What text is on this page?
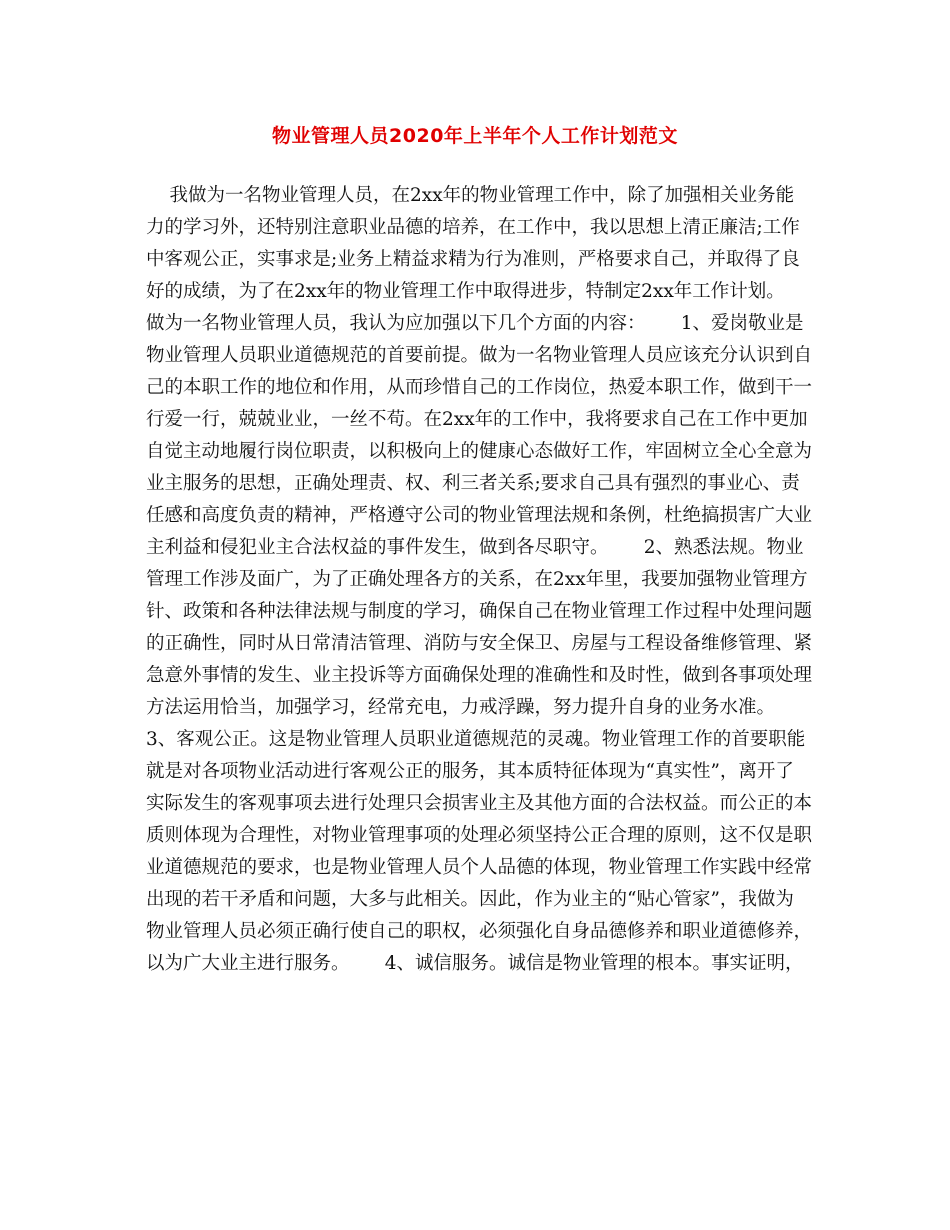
物业管理人员2020年上半年个人工作计划范文
我做为一名物业管理人员，在2xx年的物业管理工作中，除了加强相关业务能
力的学习外，还特别注意职业品德的培养，在工作中，我以思想上清正廉洁;工作
中客观公正，实事求是;业务上精益求精为行为准则，严格要求自己，并取得了良
好的成绩，为了在2xx年的物业管理工作中取得进步，特制定2xx年工作计划。
做为一名物业管理人员，我认为应加强以下几个方面的内容：      1、爱岗敬业是
物业管理人员职业道德规范的首要前提。做为一名物业管理人员应该充分认识到自
己的本职工作的地位和作用，从而珍惜自己的工作岗位，热爱本职工作，做到干一
行爱一行，兢兢业业，一丝不苟。在2xx年的工作中，我将要求自己在工作中更加
自觉主动地履行岗位职责，以积极向上的健康心态做好工作，牢固树立全心全意为
业主服务的思想，正确处理责、权、利三者关系;要求自己具有强烈的事业心、责
任感和高度负责的精神，严格遵守公司的物业管理法规和条例，杜绝搞损害广大业
主利益和侵犯业主合法权益的事件发生，做到各尽职守。      2、熟悉法规。物业
管理工作涉及面广，为了正确处理各方的关系，在2xx年里，我要加强物业管理方
针、政策和各种法律法规与制度的学习，确保自己在物业管理工作过程中处理问题
的正确性，同时从日常清洁管理、消防与安全保卫、房屋与工程设备维修管理、紧
急意外事情的发生、业主投诉等方面确保处理的准确性和及时性，做到各事项处理
方法运用恰当，加强学习，经常充电，力戒浮躁，努力提升自身的业务水准。
3、客观公正。这是物业管理人员职业道德规范的灵魂。物业管理工作的首要职能
就是对各项物业活动进行客观公正的服务，其本质特征体现为“真实性”，离开了
实际发生的客观事项去进行处理只会损害业主及其他方面的合法权益。而公正的本
质则体现为合理性，对物业管理事项的处理必须坚持公正合理的原则，这不仅是职
业道德规范的要求，也是物业管理人员个人品德的体现，物业管理工作实践中经常
出现的若干矛盾和问题，大多与此相关。因此，作为业主的“贴心管家”，我做为
物业管理人员必须正确行使自己的职权，必须强化自身品德修养和职业道德修养，
以为广大业主进行服务。      4、诚信服务。诚信是物业管理的根本。事实证明，
